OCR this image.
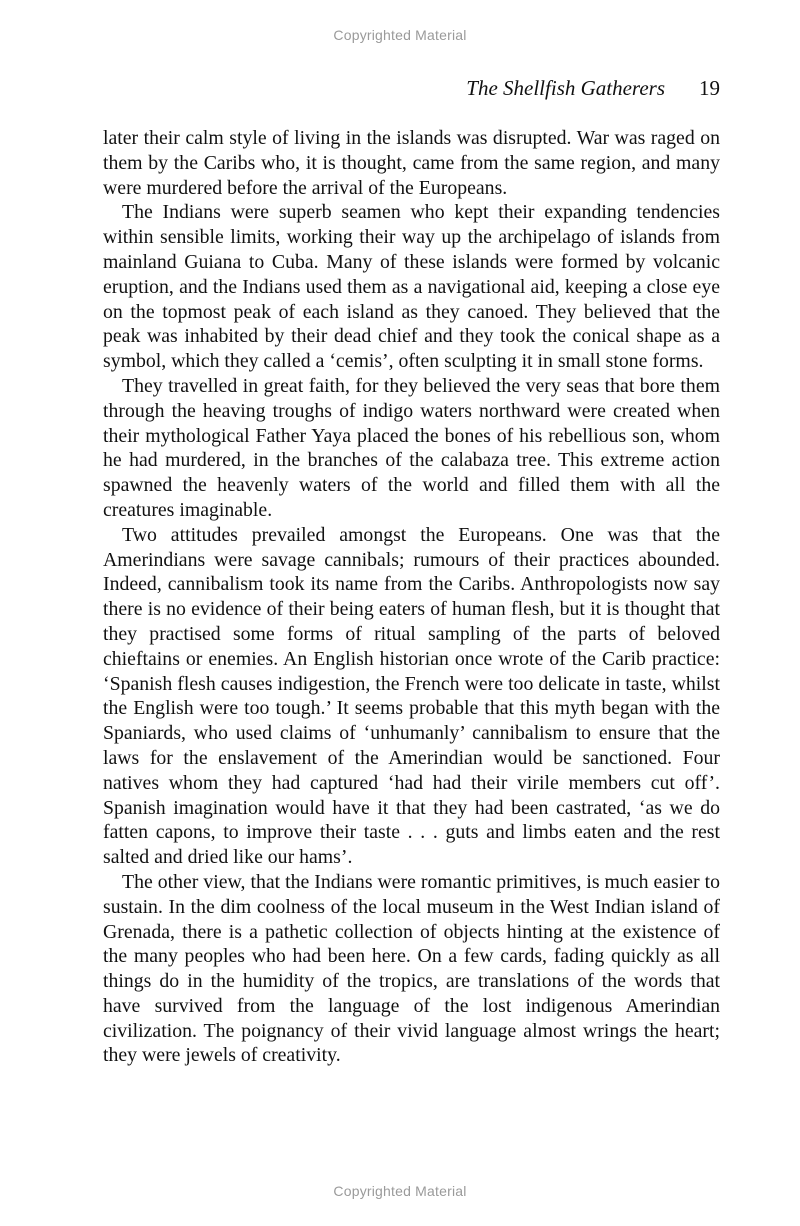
Copyrighted Material
The Shellfish Gatherers 19

later their calm style of living in the islands was disrupted. War was raged on them by the Caribs who, it is thought, came from the same region, and many were murdered before the arrival of the Europeans.

The Indians were superb seamen who kept their expanding tendencies within sensible limits, working their way up the archipelago of islands from mainland Guiana to Cuba. Many of these islands were formed by volcanic eruption, and the Indians used them as a navigational aid, keeping a close eye on the topmost peak of each island as they canoed. They believed that the peak was inhabited by their dead chief and they took the conical shape as a symbol, which they called a ‘cemis’, often sculpting it in small stone forms.

They travelled in great faith, for they believed the very seas that bore them through the heaving troughs of indigo waters northward were created when their mythological Father Yaya placed the bones of his rebellious son, whom he had murdered, in the branches of the calabaza tree. This extreme action spawned the heavenly waters of the world and filled them with all the creatures imaginable.

Two attitudes prevailed amongst the Europeans. One was that the Amerindians were savage cannibals; rumours of their practices abounded. Indeed, cannibalism took its name from the Caribs. Anthropologists now say there is no evidence of their being eaters of human flesh, but it is thought that they practised some forms of ritual sampling of the parts of beloved chieftains or enemies. An English historian once wrote of the Carib practice: ‘Spanish flesh causes indigestion, the French were too delicate in taste, whilst the English were too tough.’ It seems probable that this myth began with the Spaniards, who used claims of ‘unhumanly’ cannibalism to ensure that the laws for the enslavement of the Amerindian would be sanctioned. Four natives whom they had captured ‘had had their virile members cut off’. Spanish imagination would have it that they had been castrated, ‘as we do fatten capons, to improve their taste . . . guts and limbs eaten and the rest salted and dried like our hams’.

The other view, that the Indians were romantic primitives, is much easier to sustain. In the dim coolness of the local museum in the West Indian island of Grenada, there is a pathetic collection of objects hinting at the existence of the many peoples who had been here. On a few cards, fading quickly as all things do in the humidity of the tropics, are translations of the words that have survived from the language of the lost indigenous Amerindian civilization. The poignancy of their vivid language almost wrings the heart; they were jewels of creativity.

Copyrighted Material
